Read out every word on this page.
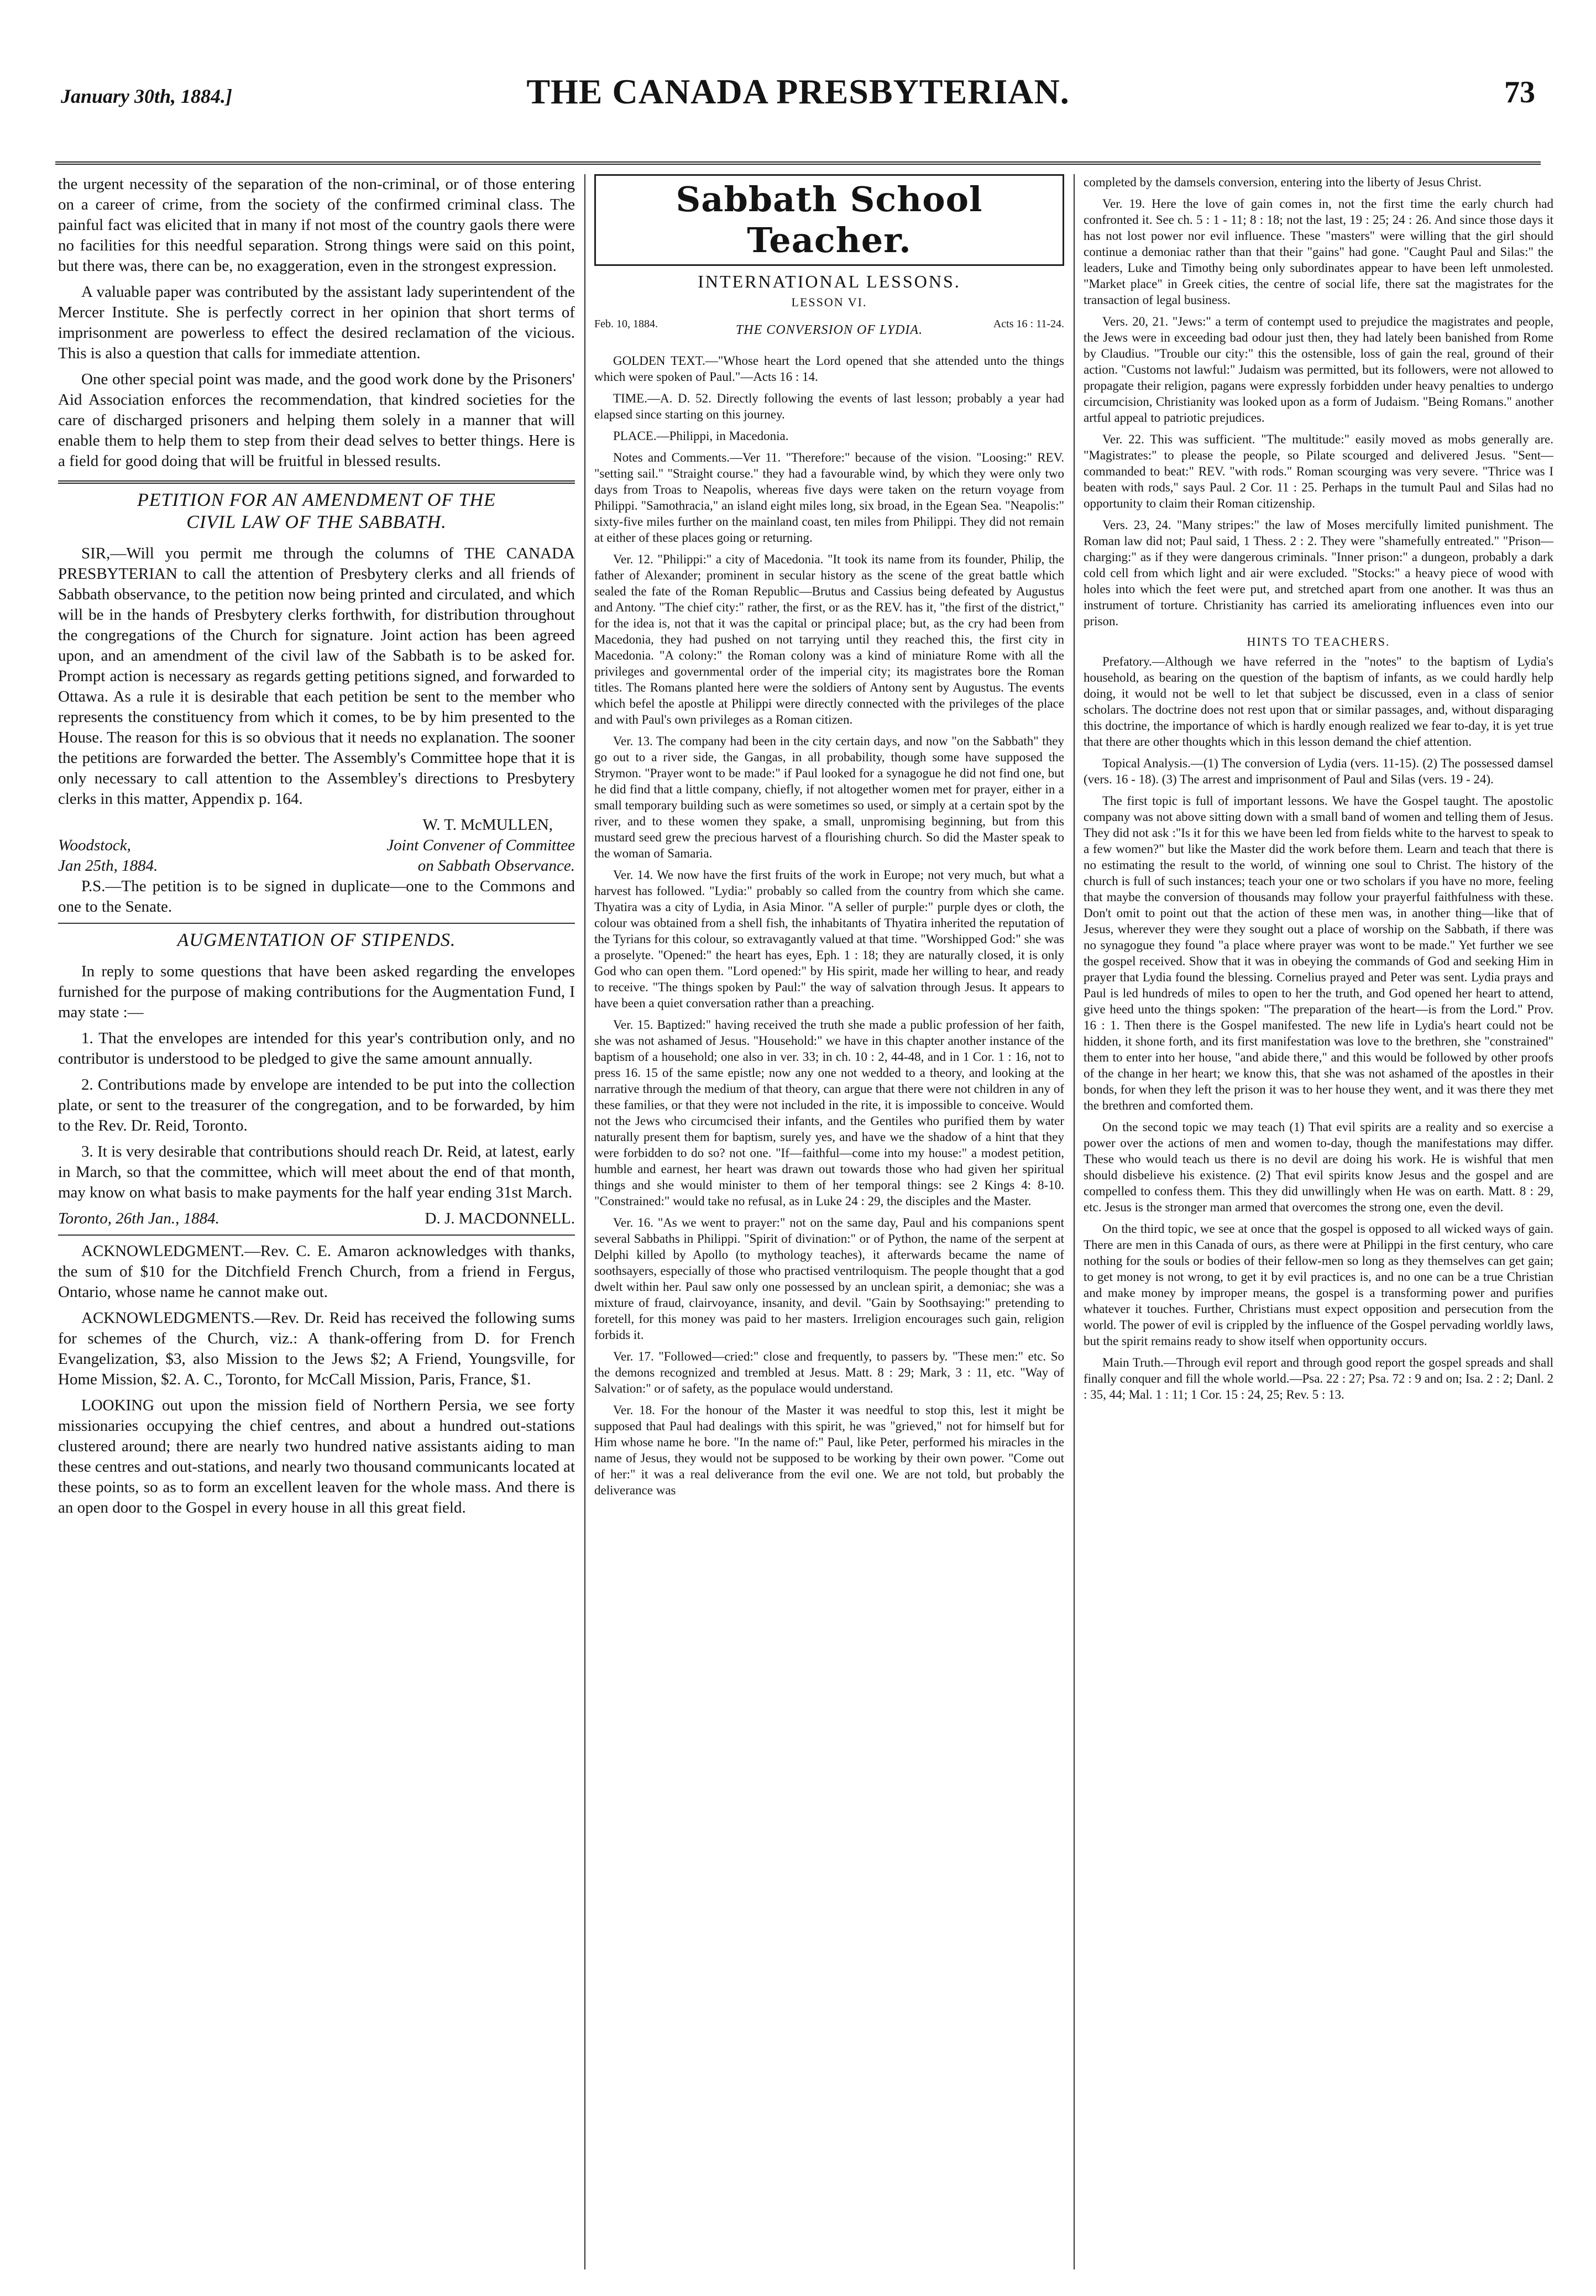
January 30th, 1884.]	THE CANADA PRESBYTERIAN.	73

the urgent necessity of the separation of the non-criminal, or of those entering on a career of crime, from the society of the confirmed criminal class. The painful fact was elicited that in many if not most of the country gaols there were no facilities for this needful separation. Strong things were said on this point, but there was, there can be, no exaggeration, even in the strongest expression.

A valuable paper was contributed by the assistant lady superintendent of the Mercer Institute. She is perfectly correct in her opinion that short terms of imprisonment are powerless to effect the desired reclamation of the vicious. This is also a question that calls for immediate attention.

One other special point was made, and the good work done by the Prisoners' Aid Association enforces the recommendation, that kindred societies for the care of discharged prisoners and helping them solely in a manner that will enable them to help them to step from their dead selves to better things. Here is a field for good doing that will be fruitful in blessed results.

PETITION FOR AN AMENDMENT OF THE
CIVIL LAW OF THE SABBATH.

SIR,—Will you permit me through the columns of THE CANADA PRESBYTERIAN to call the attention of Presbytery clerks and all friends of Sabbath observance, to the petition now being printed and circulated, and which will be in the hands of Presbytery clerks forthwith, for distribution throughout the congregations of the Church for signature. Joint action has been agreed upon, and an amendment of the civil law of the Sabbath is to be asked for. Prompt action is necessary as regards getting petitions signed, and forwarded to Ottawa. As a rule it is desirable that each petition be sent to the member who represents the constituency from which it comes, to be by him presented to the House. The reason for this is so obvious that it needs no explanation. The sooner the petitions are forwarded the better. The Assembly's Committee hope that it is only necessary to call attention to the Assembley's directions to Presbytery clerks in this matter, Appendix p. 164.

W. T. McMULLEN,
Woodstock,	Joint Convener of Committee
Jan 25th, 1884.	on Sabbath Observance.

P.S.—The petition is to be signed in duplicate—one to the Commons and one to the Senate.

AUGMENTATION OF STIPENDS.

In reply to some questions that have been asked regarding the envelopes furnished for the purpose of making contributions for the Augmentation Fund, I may state :—

1. That the envelopes are intended for this year's contribution only, and no contributor is understood to be pledged to give the same amount annually.

2. Contributions made by envelope are intended to be put into the collection plate, or sent to the treasurer of the congregation, and to be forwarded, by him to the Rev. Dr. Reid, Toronto.

3. It is very desirable that contributions should reach Dr. Reid, at latest, early in March, so that the committee, which will meet about the end of that month, may know on what basis to make payments for the half year ending 31st March.

Toronto, 26th Jan., 1884.	D. J. MACDONNELL.

ACKNOWLEDGMENT.—Rev. C. E. Amaron acknowledges with thanks, the sum of $10 for the Ditchfield French Church, from a friend in Fergus, Ontario, whose name he cannot make out.

ACKNOWLEDGMENTS.—Rev. Dr. Reid has received the following sums for schemes of the Church, viz.: A thank-offering from D. for French Evangelization, $3, also Mission to the Jews $2; A Friend, Youngsville, for Home Mission, $2. A. C., Toronto, for McCall Mission, Paris, France, $1.

LOOKING out upon the mission field of Northern Persia, we see forty missionaries occupying the chief centres, and about a hundred out-stations clustered around; there are nearly two hundred native assistants aiding to man these centres and out-stations, and nearly two thousand communicants located at these points, so as to form an excellent leaven for the whole mass. And there is an open door to the Gospel in every house in all this great field.

Sabbath School Teacher.
INTERNATIONAL LESSONS.
LESSON VI.
Feb. 10, 1884.	THE CONVERSION OF LYDIA.	Acts 16 : 11-24.

GOLDEN TEXT.—"Whose heart the Lord opened that she attended unto the things which were spoken of Paul."—Acts 16 : 14.

TIME.—A. D. 52. Directly following the events of last lesson; probably a year had elapsed since starting on this journey.

PLACE.—Philippi, in Macedonia.

Notes and Comments.—Ver 11. "Therefore:" because of the vision. "Loosing:" REV. "setting sail." "Straight course." they had a favourable wind, by which they were only two days from Troas to Neapolis, whereas five days were taken on the return voyage from Philippi. "Samothracia," an island eight miles long, six broad, in the Egean Sea. "Neapolis:" sixty-five miles further on the mainland coast, ten miles from Philippi. They did not remain at either of these places going or returning.

Ver. 12. "Philippi:" a city of Macedonia. "It took its name from its founder, Philip, the father of Alexander; prominent in secular history as the scene of the great battle which sealed the fate of the Roman Republic—Brutus and Cassius being defeated by Augustus and Antony. "The chief city:" rather, the first, or as the REV. has it, "the first of the district," for the idea is, not that it was the capital or principal place; but, as the cry had been from Macedonia, they had pushed on not tarrying until they reached this, the first city in Macedonia. "A colony:" the Roman colony was a kind of miniature Rome with all the privileges and governmental order of the imperial city; its magistrates bore the Roman titles. The Romans planted here were the soldiers of Antony sent by Augustus. The events which befel the apostle at Philippi were directly connected with the privileges of the place and with Paul's own privileges as a Roman citizen.

Ver. 13. The company had been in the city certain days, and now "on the Sabbath" they go out to a river side, the Gangas, in all probability, though some have supposed the Strymon. "Prayer wont to be made:" if Paul looked for a synagogue he did not find one, but he did find that a little company, chiefly, if not altogether women met for prayer, either in a small temporary building such as were sometimes so used, or simply at a certain spot by the river, and to these women they spake, a small, unpromising beginning, but from this mustard seed grew the precious harvest of a flourishing church. So did the Master speak to the woman of Samaria.

Ver. 14. We now have the first fruits of the work in Europe; not very much, but what a harvest has followed. "Lydia:" probably so called from the country from which she came. Thyatira was a city of Lydia, in Asia Minor. "A seller of purple:" purple dyes or cloth, the colour was obtained from a shell fish, the inhabitants of Thyatira inherited the reputation of the Tyrians for this colour, so extravagantly valued at that time. "Worshipped God:" she was a proselyte. "Opened:" the heart has eyes, Eph. 1 : 18; they are naturally closed, it is only God who can open them. "Lord opened:" by His spirit, made her willing to hear, and ready to receive. "The things spoken by Paul:" the way of salvation through Jesus. It appears to have been a quiet conversation rather than a preaching.

Ver. 15. Baptized:" having received the truth she made a public profession of her faith, she was not ashamed of Jesus. "Household:" we have in this chapter another instance of the baptism of a household; one also in ver. 33; in ch. 10 : 2, 44-48, and in 1 Cor. 1 : 16, not to press 16. 15 of the same epistle; now any one not wedded to a theory, and looking at the narrative through the medium of that theory, can argue that there were not children in any of these families, or that they were not included in the rite, it is impossible to conceive. Would not the Jews who circumcised their infants, and the Gentiles who purified them by water naturally present them for baptism, surely yes, and have we the shadow of a hint that they were forbidden to do so? not one. "If—faithful—come into my house:" a modest petition, humble and earnest, her heart was drawn out towards those who had given her spiritual things and she would minister to them of her temporal things: see 2 Kings 4: 8-10. "Constrained:" would take no refusal, as in Luke 24 : 29, the disciples and the Master.

Ver. 16. "As we went to prayer:" not on the same day, Paul and his companions spent several Sabbaths in Philippi. "Spirit of divination:" or of Python, the name of the serpent at Delphi killed by Apollo (to mythology teaches), it afterwards became the name of soothsayers, especially of those who practised ventriloquism. The people thought that a god dwelt within her. Paul saw only one possessed by an unclean spirit, a demoniac; she was a mixture of fraud, clairvoyance, insanity, and devil. "Gain by Soothsaying:" pretending to foretell, for this money was paid to her masters. Irreligion encourages such gain, religion forbids it.

Ver. 17. "Followed—cried:" close and frequently, to passers by. "These men:" etc. So the demons recognized and trembled at Jesus. Matt. 8 : 29; Mark, 3 : 11, etc. "Way of Salvation:" or of safety, as the populace would understand.

Ver. 18. For the honour of the Master it was needful to stop this, lest it might be supposed that Paul had dealings with this spirit, he was "grieved," not for himself but for Him whose name he bore. "In the name of:" Paul, like Peter, performed his miracles in the name of Jesus, they would not be supposed to be working by their own power. "Come out of her:" it was a real deliverance from the evil one. We are not told, but probably the deliverance was

completed by the damsels conversion, entering into the liberty of Jesus Christ.

Ver. 19. Here the love of gain comes in, not the first time the early church had confronted it. See ch. 5 : 1 - 11; 8 : 18; not the last, 19 : 25; 24 : 26. And since those days it has not lost power nor evil influence. These "masters" were willing that the girl should continue a demoniac rather than that their "gains" had gone. "Caught Paul and Silas:" the leaders, Luke and Timothy being only subordinates appear to have been left unmolested. "Market place" in Greek cities, the centre of social life, there sat the magistrates for the transaction of legal business.

Vers. 20, 21. "Jews:" a term of contempt used to prejudice the magistrates and people, the Jews were in exceeding bad odour just then, they had lately been banished from Rome by Claudius. "Trouble our city:" this the ostensible, loss of gain the real, ground of their action. "Customs not lawful:" Judaism was permitted, but its followers, were not allowed to propagate their religion, pagans were expressly forbidden under heavy penalties to undergo circumcision, Christianity was looked upon as a form of Judaism. "Being Romans." another artful appeal to patriotic prejudices.

Ver. 22. This was sufficient. "The multitude:" easily moved as mobs generally are. "Magistrates:" to please the people, so Pilate scourged and delivered Jesus. "Sent—commanded to beat:" REV. "with rods." Roman scourging was very severe. "Thrice was I beaten with rods," says Paul. 2 Cor. 11 : 25. Perhaps in the tumult Paul and Silas had no opportunity to claim their Roman citizenship.

Vers. 23, 24. "Many stripes:" the law of Moses mercifully limited punishment. The Roman law did not; Paul said, 1 Thess. 2 : 2. They were "shamefully entreated." "Prison—charging:" as if they were dangerous criminals. "Inner prison:" a dungeon, probably a dark cold cell from which light and air were excluded. "Stocks:" a heavy piece of wood with holes into which the feet were put, and stretched apart from one another. It was thus an instrument of torture. Christianity has carried its ameliorating influences even into our prison.

HINTS TO TEACHERS.

Prefatory.—Although we have referred in the "notes" to the baptism of Lydia's household, as bearing on the question of the baptism of infants, as we could hardly help doing, it would not be well to let that subject be discussed, even in a class of senior scholars. The doctrine does not rest upon that or similar passages, and, without disparaging this doctrine, the importance of which is hardly enough realized we fear to-day, it is yet true that there are other thoughts which in this lesson demand the chief attention.

Topical Analysis.—(1) The conversion of Lydia (vers. 11-15). (2) The possessed damsel (vers. 16 - 18). (3) The arrest and imprisonment of Paul and Silas (vers. 19 - 24).

The first topic is full of important lessons. We have the Gospel taught. The apostolic company was not above sitting down with a small band of women and telling them of Jesus. They did not ask :"Is it for this we have been led from fields white to the harvest to speak to a few women?" but like the Master did the work before them. Learn and teach that there is no estimating the result to the world, of winning one soul to Christ. The history of the church is full of such instances; teach your one or two scholars if you have no more, feeling that maybe the conversion of thousands may follow your prayerful faithfulness with these. Don't omit to point out that the action of these men was, in another thing—like that of Jesus, wherever they were they sought out a place of worship on the Sabbath, if there was no synagogue they found "a place where prayer was wont to be made." Yet further we see the gospel received. Show that it was in obeying the commands of God and seeking Him in prayer that Lydia found the blessing. Cornelius prayed and Peter was sent. Lydia prays and Paul is led hundreds of miles to open to her the truth, and God opened her heart to attend, give heed unto the things spoken: "The preparation of the heart—is from the Lord." Prov. 16 : 1. Then there is the Gospel manifested. The new life in Lydia's heart could not be hidden, it shone forth, and its first manifestation was love to the brethren, she "constrained" them to enter into her house, "and abide there," and this would be followed by other proofs of the change in her heart; we know this, that she was not ashamed of the apostles in their bonds, for when they left the prison it was to her house they went, and it was there they met the brethren and comforted them.

On the second topic we may teach (1) That evil spirits are a reality and so exercise a power over the actions of men and women to-day, though the manifestations may differ. These who would teach us there is no devil are doing his work. He is wishful that men should disbelieve his existence. (2) That evil spirits know Jesus and the gospel and are compelled to confess them. This they did unwillingly when He was on earth. Matt. 8 : 29, etc. Jesus is the stronger man armed that overcomes the strong one, even the devil.

On the third topic, we see at once that the gospel is opposed to all wicked ways of gain. There are men in this Canada of ours, as there were at Philippi in the first century, who care nothing for the souls or bodies of their fellow-men so long as they themselves can get gain; to get money is not wrong, to get it by evil practices is, and no one can be a true Christian and make money by improper means, the gospel is a transforming power and purifies whatever it touches. Further, Christians must expect opposition and persecution from the world. The power of evil is crippled by the influence of the Gospel pervading worldly laws, but the spirit remains ready to show itself when opportunity occurs.

Main Truth.—Through evil report and through good report the gospel spreads and shall finally conquer and fill the whole world.—Psa. 22 : 27; Psa. 72 : 9 and on; Isa. 2 : 2; Danl. 2 : 35, 44; Mal. 1 : 11; 1 Cor. 15 : 24, 25; Rev. 5 : 13.
